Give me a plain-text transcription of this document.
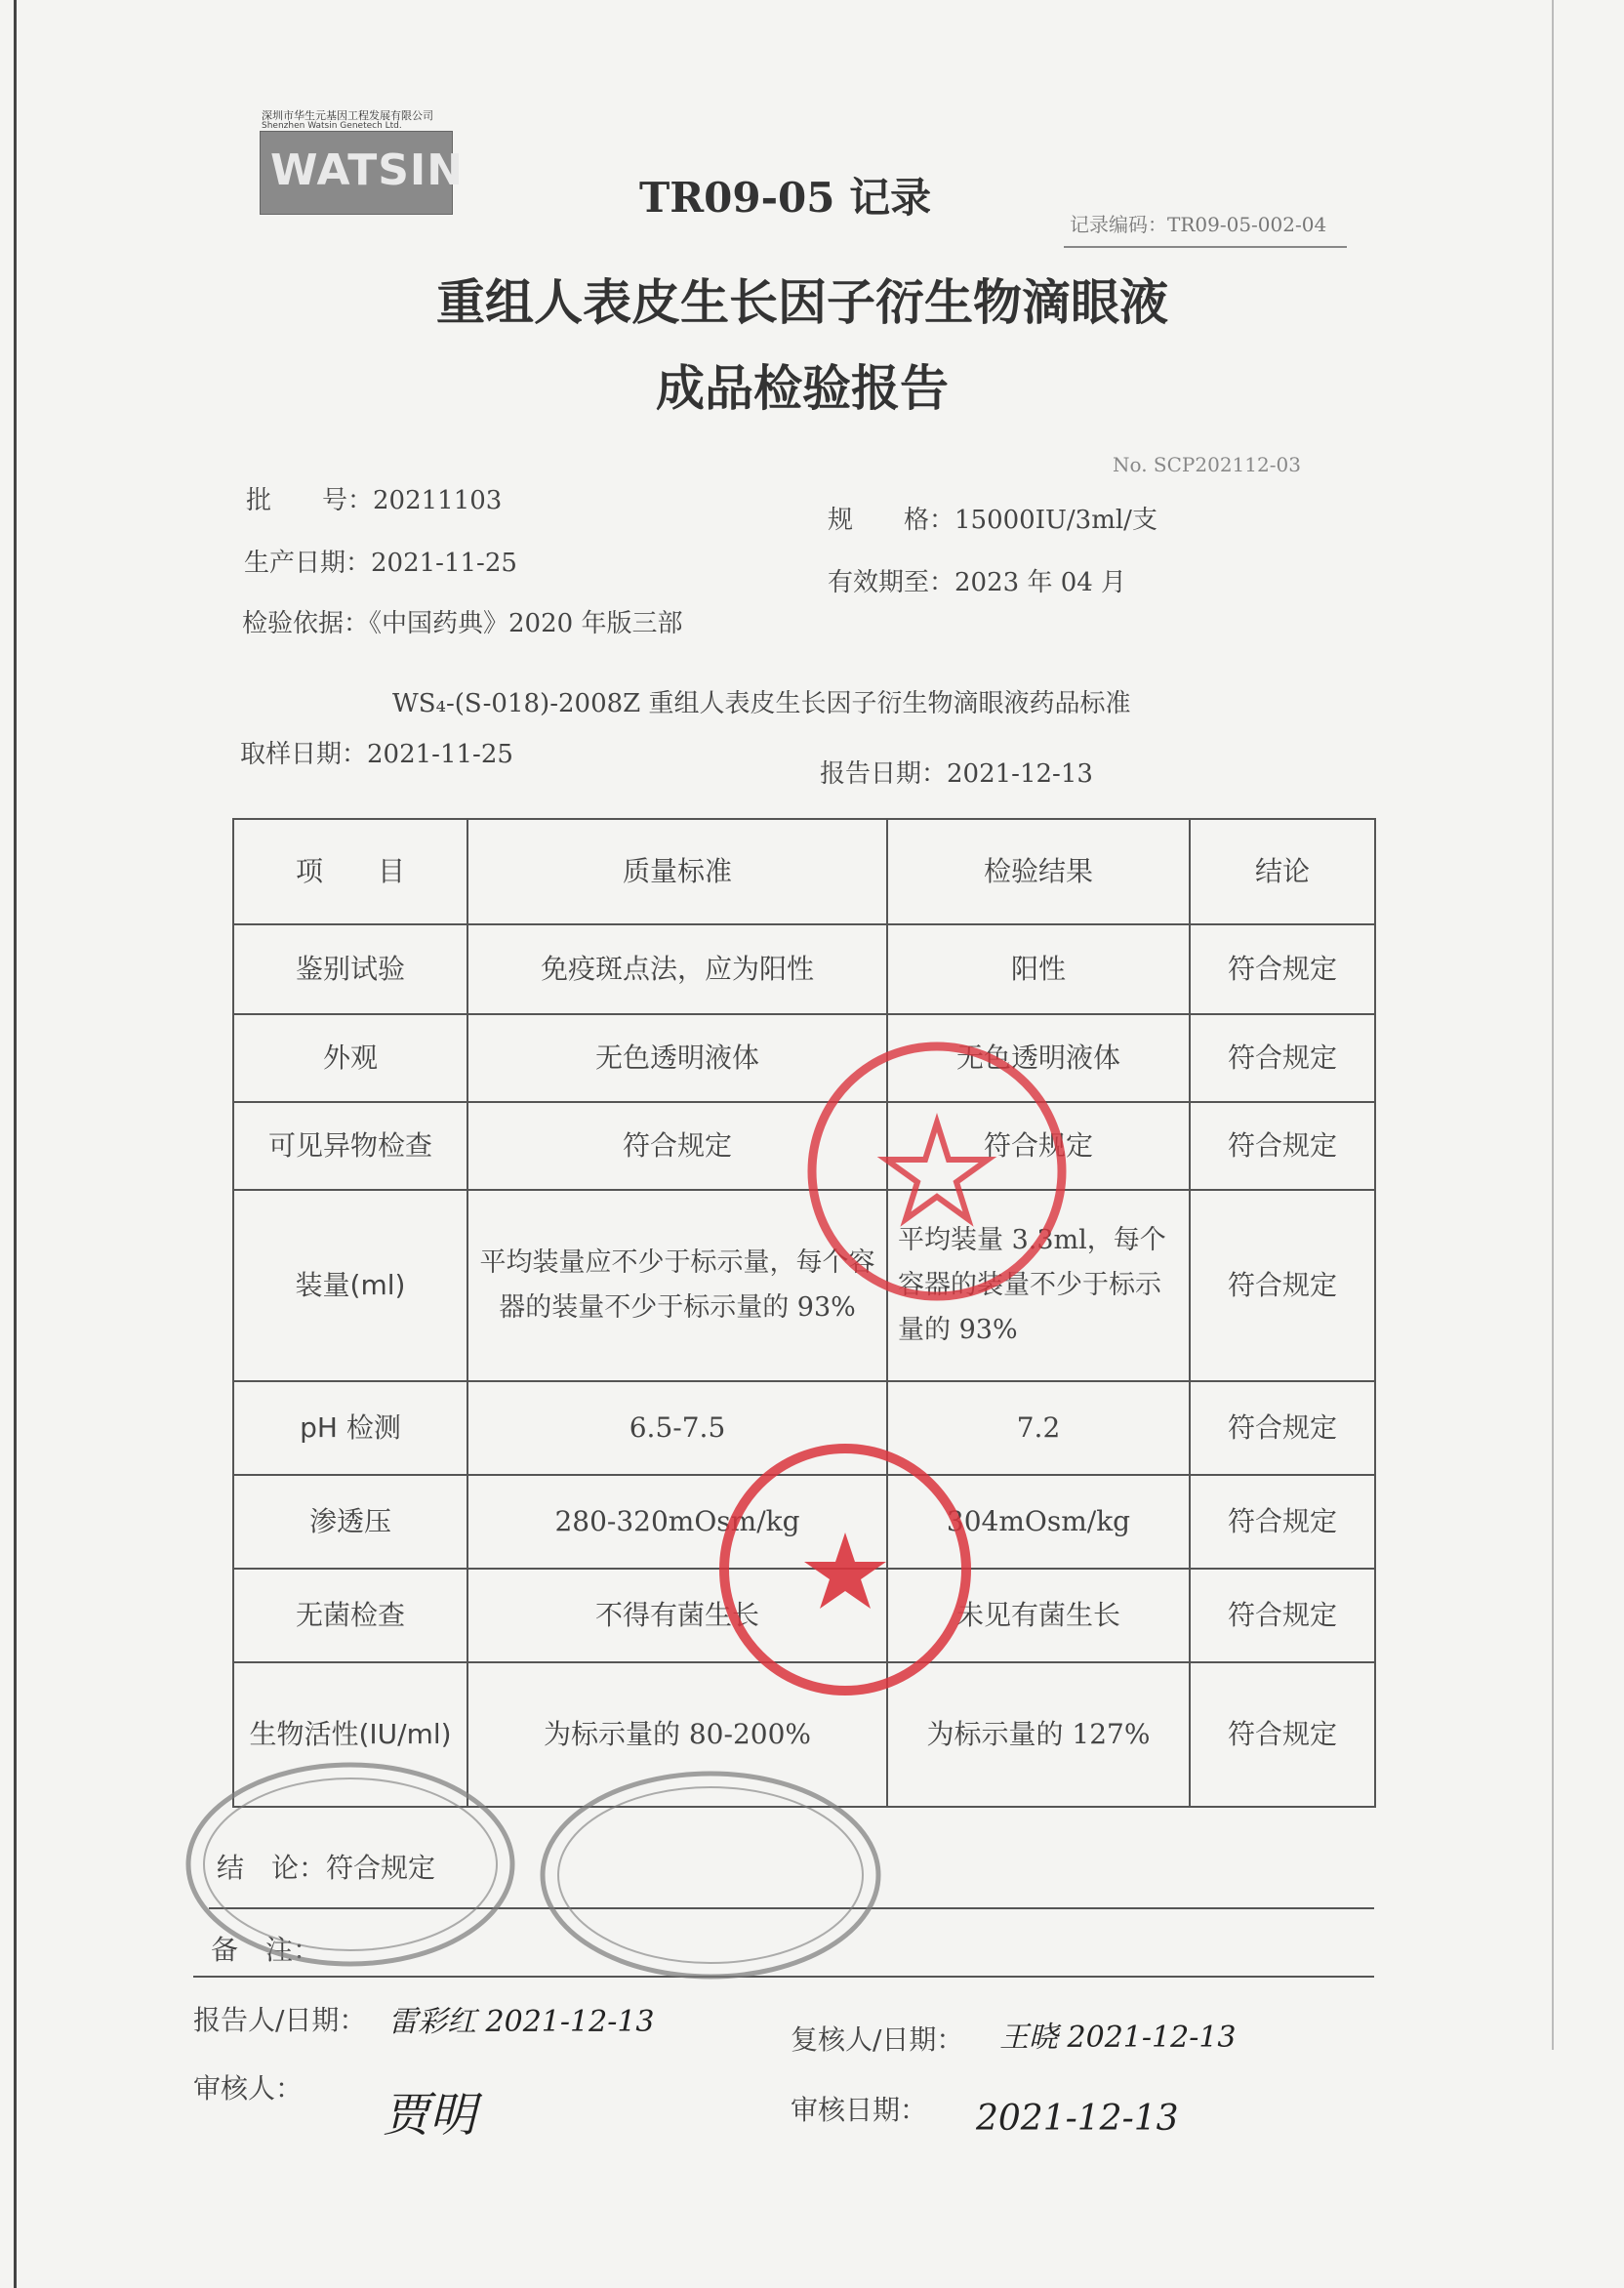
深圳市华生元基因工程发展有限公司
Shenzhen Watsin Genetech Ltd.
WATSIN
TR09-05 记录
记录编码：TR09-05-002-04
重组人表皮生长因子衍生物滴眼液
成品检验报告
No. SCP202112-03
批　　号：20211103
规　　格：15000IU/3ml/支
生产日期：2021-11-25
有效期至：2023 年 04 月
检验依据：《中国药典》2020 年版三部
WS₄-(S-018)-2008Z 重组人表皮生长因子衍生物滴眼液药品标准
取样日期：2021-11-25
报告日期：2021-12-13
项　　目	质量标准	检验结果	结论
鉴别试验	免疫斑点法，应为阳性	阳性	符合规定
外观	无色透明液体	无色透明液体	符合规定
可见异物检查	符合规定	符合规定	符合规定
装量(ml)	平均装量应不少于标示量，每个容器的装量不少于标示量的 93%	平均装量 3.3ml，每个容器的装量不少于标示量的 93%	符合规定
pH 检测	6.5-7.5	7.2	符合规定
渗透压	280-320mOsm/kg	304mOsm/kg	符合规定
无菌检查	不得有菌生长	未见有菌生长	符合规定
生物活性(IU/ml)	为标示量的 80-200%	为标示量的 127%	符合规定
结　论：符合规定
备　注：
报告人/日期： 雷彩红 2021-12-13
复核人/日期： 王晓 2021-12-13
审核人： 贾明	审核日期： 2021-12-13
